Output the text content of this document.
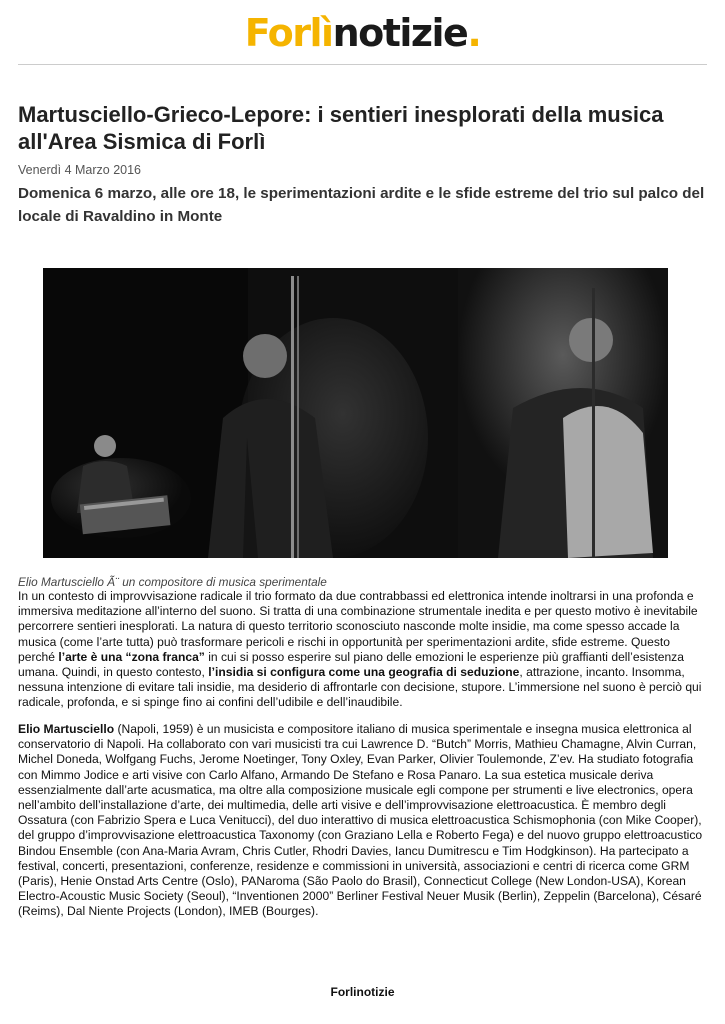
Forlìnotizie.
Martusciello-Grieco-Lepore: i sentieri inesplorati della musica all'Area Sismica di Forlì
Venerdì 4 Marzo 2016
Domenica 6 marzo, alle ore 18, le sperimentazioni ardite e le sfide estreme del trio sul palco del locale di Ravaldino in Monte
Elio Martusciello Ã¨ un compositore di musica sperimentale

In un contesto di improvvisazione radicale il trio formato da due contrabbassi ed elettronica intende inoltrarsi in una profonda e immersiva meditazione all’interno del suono. Si tratta di una combinazione strumentale inedita e per questo motivo è inevitabile percorrere sentieri inesplorati. La natura di questo territorio sconosciuto nasconde molte insidie, ma come spesso accade la musica (come l’arte tutta) può trasformare pericoli e rischi in opportunità per sperimentazioni ardite, sfide estreme. Questo perché l’arte è una “zona franca” in cui si posso esperire sul piano delle emozioni le esperienze più graffianti dell’esistenza umana. Quindi, in questo contesto, l’insidia si configura come una geografia di seduzione, attrazione, incanto. Insomma, nessuna intenzione di evitare tali insidie, ma desiderio di affrontarle con decisione, stupore. L’immersione nel suono è perciò qui radicale, profonda, e si spinge fino ai confini dell’udibile e dell’inaudibile.

Elio Martusciello (Napoli, 1959) è un musicista e compositore italiano di musica sperimentale e insegna musica elettronica al conservatorio di Napoli. Ha collaborato con vari musicisti tra cui Lawrence D. “Butch” Morris, Mathieu Chamagne, Alvin Curran, Michel Doneda, Wolfgang Fuchs, Jerome Noetinger, Tony Oxley, Evan Parker, Olivier Toulemonde, Z’ev. Ha studiato fotografia con Mimmo Jodice e arti visive con Carlo Alfano, Armando De Stefano e Rosa Panaro. La sua estetica musicale deriva essenzialmente dall’arte acusmatica, ma oltre alla composizione musicale egli compone per strumenti e live electronics, opera nell’ambito dell’installazione d’arte, dei multimedia, delle arti visive e dell’improvvisazione elettroacustica. È membro degli Ossatura (con Fabrizio Spera e Luca Venitucci), del duo interattivo di musica elettroacustica Schismophonia (con Mike Cooper), del gruppo d’improvvisazione elettroacustica Taxonomy (con Graziano Lella e Roberto Fega) e del nuovo gruppo elettroacustico Bindou Ensemble (con Ana-Maria Avram, Chris Cutler, Rhodri Davies, Iancu Dumitrescu e Tim Hodgkinson). Ha partecipato a festival, concerti, presentazioni, conferenze, residenze e commissioni in università, associazioni e centri di ricerca come GRM (Paris), Henie Onstad Arts Centre (Oslo), PANaroma (São Paolo do Brasil), Connecticut College (New London-USA), Korean Electro-Acoustic Music Society (Seoul), “Inventionen 2000” Berliner Festival Neuer Musik (Berlin), Zeppelin (Barcelona), Césaré (Reims), Dal Niente Projects (London), IMEB (Bourges).

Forlinotizie
